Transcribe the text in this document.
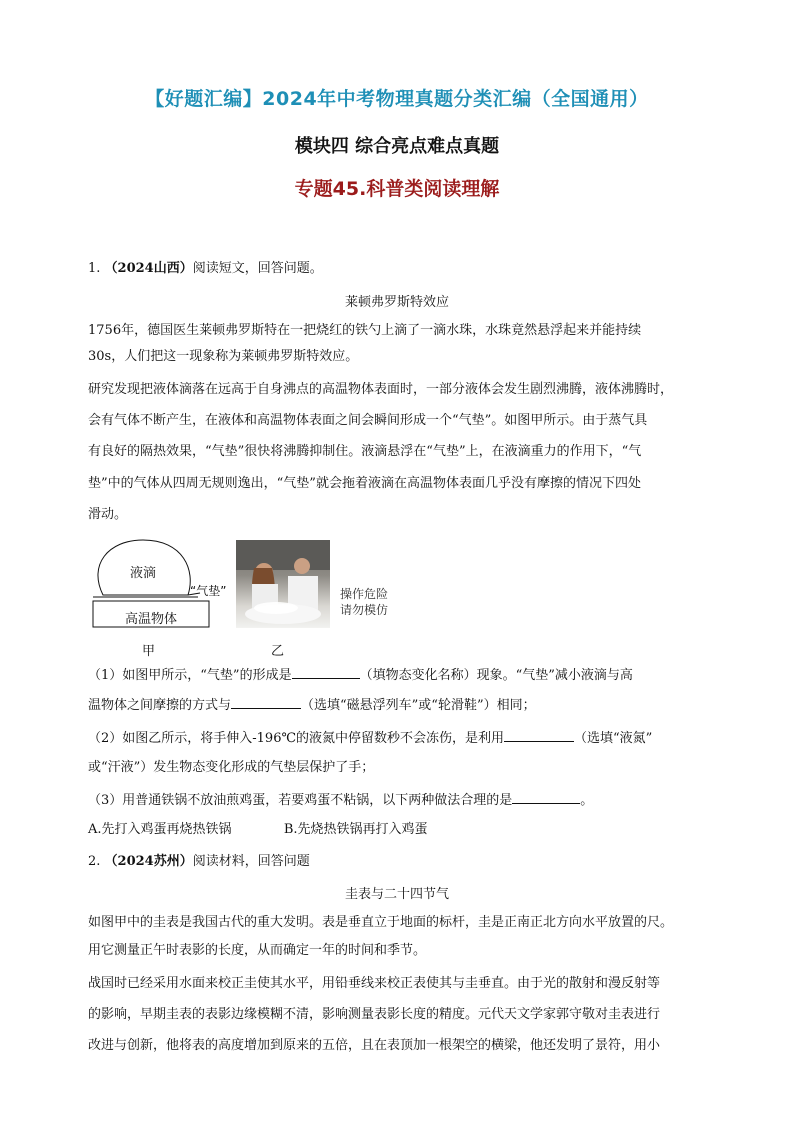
【好题汇编】2024年中考物理真题分类汇编（全国通用）
模块四 综合亮点难点真题
专题45.科普类阅读理解
1. （2024山西）阅读短文，回答问题。
莱顿弗罗斯特效应
1756年，德国医生莱顿弗罗斯特在一把烧红的铁勺上滴了一滴水珠，水珠竟然悬浮起来并能持续
30s，人们把这一现象称为莱顿弗罗斯特效应。
研究发现把液体滴落在远高于自身沸点的高温物体表面时，一部分液体会发生剧烈沸腾，液体沸腾时，
会有气体不断产生，在液体和高温物体表面之间会瞬间形成一个“气垫”。如图甲所示。由于蒸气具
有良好的隔热效果，“气垫”很快将沸腾抑制住。液滴悬浮在“气垫”上，在液滴重力的作用下，“气
垫”中的气体从四周无规则逸出，“气垫”就会拖着液滴在高温物体表面几乎没有摩擦的情况下四处
滑动。
液滴
“气垫”
高温物体
甲	乙
操作危险
请勿模仿
（1）如图甲所示，“气垫”的形成是	（填物态变化名称）现象。“气垫”减小液滴与高
温物体之间摩擦的方式与	（选填“磁悬浮列车”或“轮滑鞋”）相同；
（2）如图乙所示，将手伸入-196℃的液氮中停留数秒不会冻伤，是利用	（选填“液氮”
或“汗液”）发生物态变化形成的气垫层保护了手；
（3）用普通铁锅不放油煎鸡蛋，若要鸡蛋不粘锅，以下两种做法合理的是	。
A.先打入鸡蛋再烧热铁锅	B.先烧热铁锅再打入鸡蛋
2. （2024苏州）阅读材料，回答问题
圭表与二十四节气
如图甲中的圭表是我国古代的重大发明。表是垂直立于地面的标杆，圭是正南正北方向水平放置的尺。
用它测量正午时表影的长度，从而确定一年的时间和季节。
战国时已经采用水面来校正圭使其水平，用铅垂线来校正表使其与圭垂直。由于光的散射和漫反射等
的影响，早期圭表的表影边缘模糊不清，影响测量表影长度的精度。元代天文学家郭守敬对圭表进行
改进与创新，他将表的高度增加到原来的五倍，且在表顶加一根架空的横梁，他还发明了景符，用小
